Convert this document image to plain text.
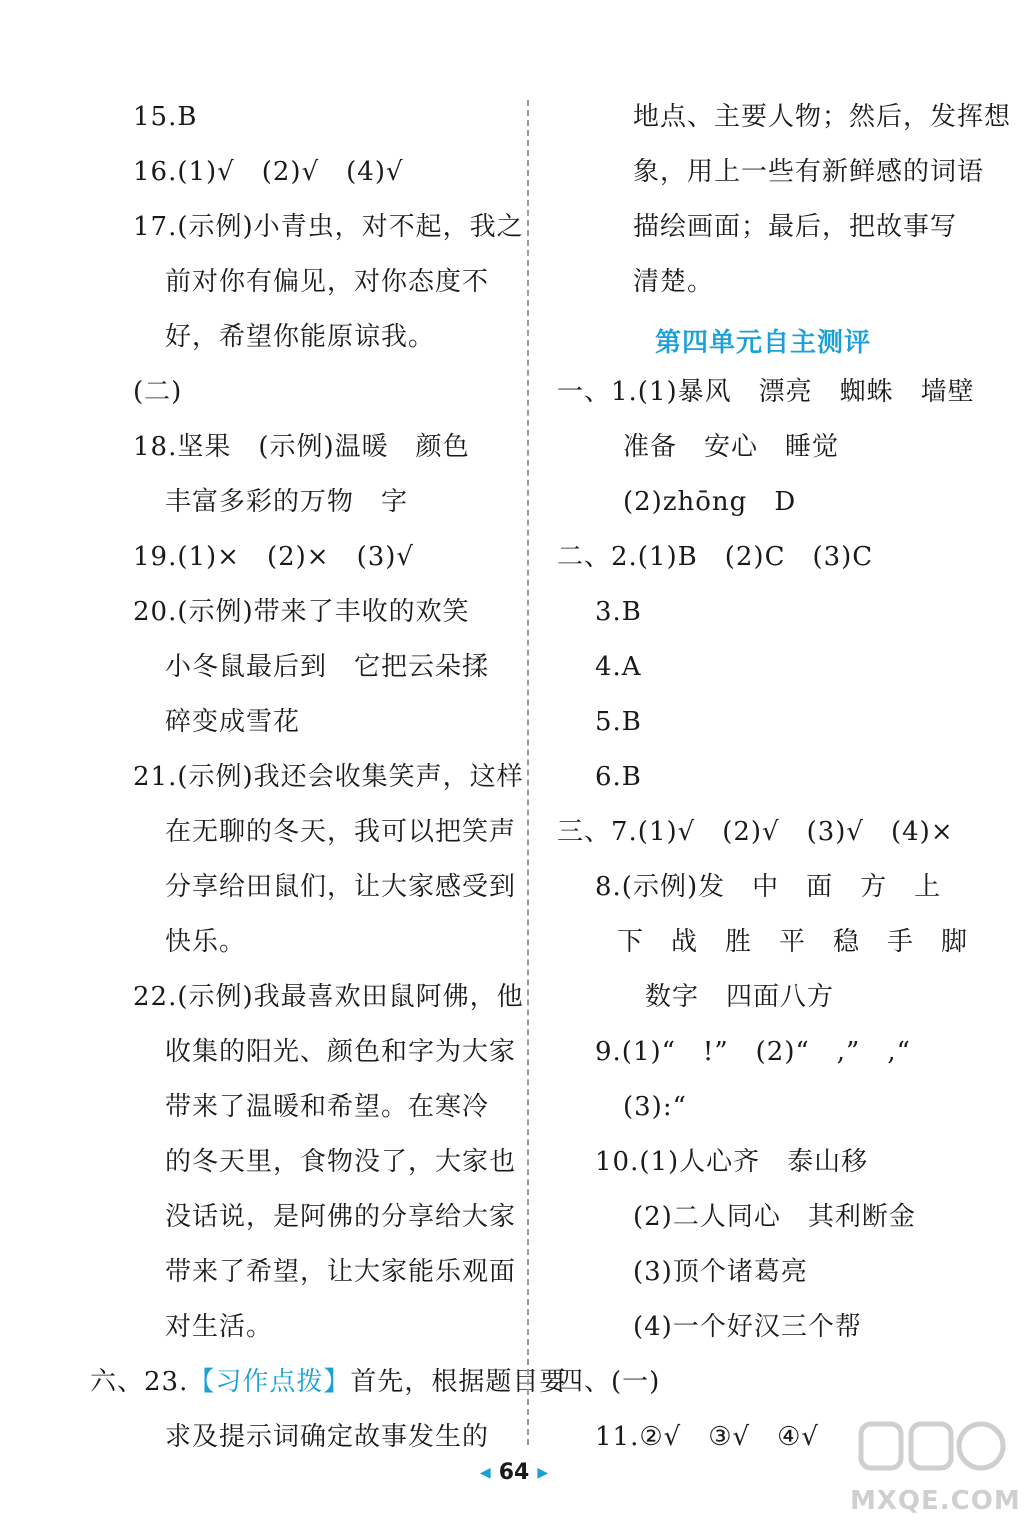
15.B
16.(1)√　(2)√　(4)√
17.(示例)小青虫，对不起，我之
前对你有偏见，对你态度不
好，希望你能原谅我。
(二)
18.坚果　(示例)温暖　颜色
丰富多彩的万物　字
19.(1)×　(2)×　(3)√
20.(示例)带来了丰收的欢笑
小冬鼠最后到　它把云朵揉
碎变成雪花
21.(示例)我还会收集笑声，这样
在无聊的冬天，我可以把笑声
分享给田鼠们，让大家感受到
快乐。
22.(示例)我最喜欢田鼠阿佛，他
收集的阳光、颜色和字为大家
带来了温暖和希望。在寒冷
的冬天里，食物没了，大家也
没话说，是阿佛的分享给大家
带来了希望，让大家能乐观面
对生活。
六、23.【习作点拨】首先，根据题目要
求及提示词确定故事发生的
地点、主要人物；然后，发挥想
象，用上一些有新鲜感的词语
描绘画面；最后，把故事写
清楚。
第四单元自主测评
一、1.(1)暴风　漂亮　蜘蛛　墙壁
准备　安心　睡觉
(2)zhōng　D
二、2.(1)B　(2)C　(3)C
3.B
4.A
5.B
6.B
三、7.(1)√　(2)√　(3)√　(4)×
8.(示例)发　中　面　方　上
下　战　胜　平　稳　手　脚
数字　四面八方
9.(1)“　!”　(2)“　,”　,“
(3):“
10.(1)人心齐　泰山移
(2)二人同心　其利断金
(3)顶个诸葛亮
(4)一个好汉三个帮
四、(一)
11.②√　③√　④√
◀ 64 ▶
MXQE.COM
